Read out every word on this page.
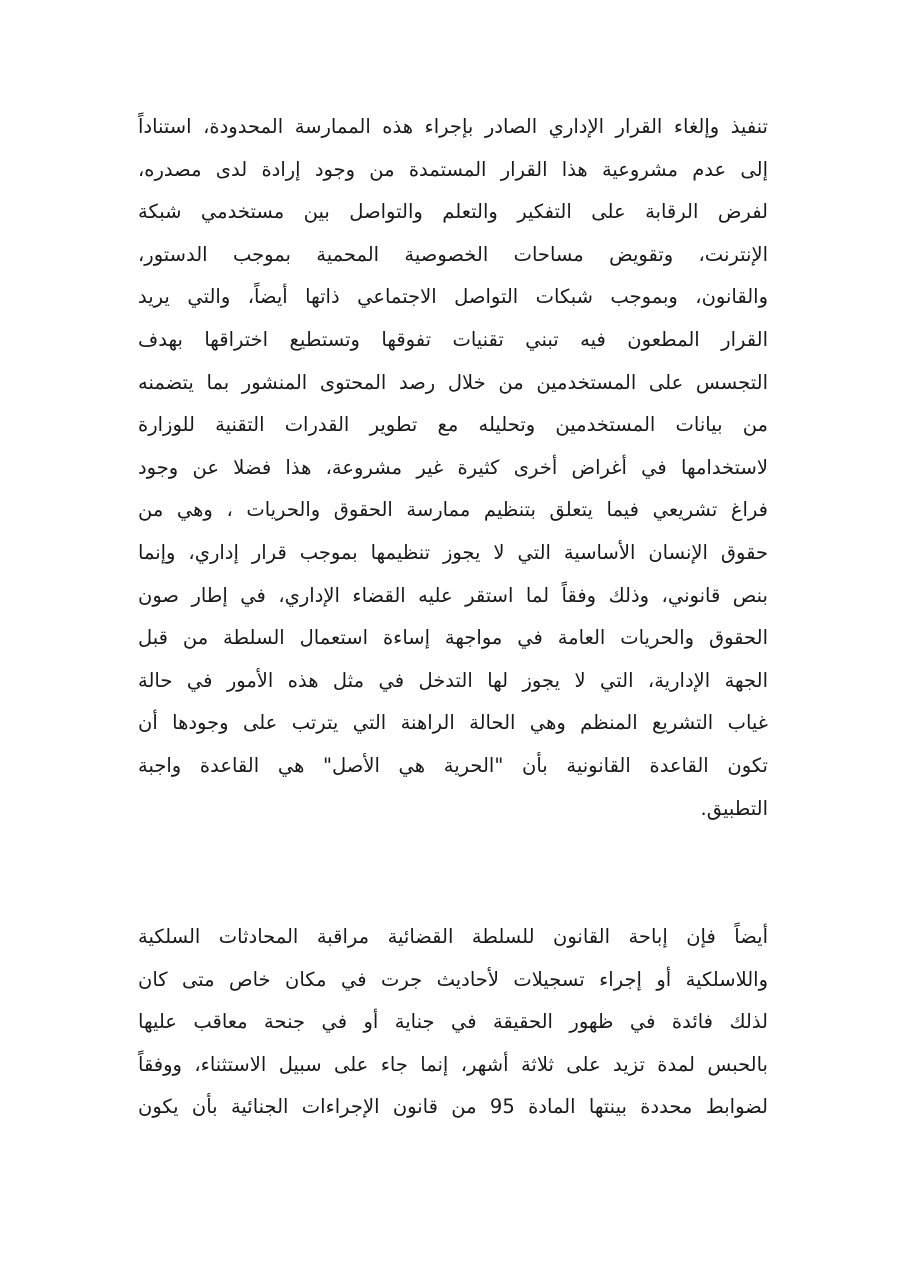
تنفيذ وإلغاء القرار الإداري الصادر بإجراء هذه الممارسة المحدودة، استناداً
إلى عدم مشروعية هذا القرار المستمدة من وجود إرادة لدى مصدره،
لفرض الرقابة على التفكير والتعلم والتواصل بين مستخدمي شبكة
الإنترنت، وتقويض مساحات الخصوصية المحمية بموجب الدستور،
والقانون، وبموجب شبكات التواصل الاجتماعي ذاتها أيضاً، والتي يريد
القرار المطعون فيه تبني تقنيات تفوقها وتستطيع اختراقها بهدف
التجسس على المستخدمين من خلال رصد المحتوى المنشور بما يتضمنه
من بيانات المستخدمين وتحليله مع تطوير القدرات التقنية للوزارة
لاستخدامها في أغراض أخرى كثيرة غير مشروعة، هذا فضلا عن وجود
فراغ تشريعي فيما يتعلق بتنظيم ممارسة الحقوق والحريات ، وهي من
حقوق الإنسان الأساسية التي لا يجوز تنظيمها بموجب قرار إداري، وإنما
بنص قانوني، وذلك وفقاً لما استقر عليه القضاء الإداري، في إطار صون
الحقوق والحريات العامة في مواجهة إساءة استعمال السلطة من قبل
الجهة الإدارية، التي لا يجوز لها التدخل في مثل هذه الأمور في حالة
غياب التشريع المنظم وهي الحالة الراهنة التي يترتب على وجودها أن
تكون القاعدة القانونية بأن "الحرية هي الأصل" هي القاعدة واجبة
التطبيق.
أيضاً فإن إباحة القانون للسلطة القضائية مراقبة المحادثات السلكية
واللاسلكية أو إجراء تسجيلات لأحاديث جرت في مكان خاص متى كان
لذلك فائدة في ظهور الحقيقة في جناية أو في جنحة معاقب عليها
بالحبس لمدة تزيد على ثلاثة أشهر، إنما جاء على سبيل الاستثناء، ووفقاً
لضوابط محددة بينتها المادة 95 من قانون الإجراءات الجنائية بأن يكون
